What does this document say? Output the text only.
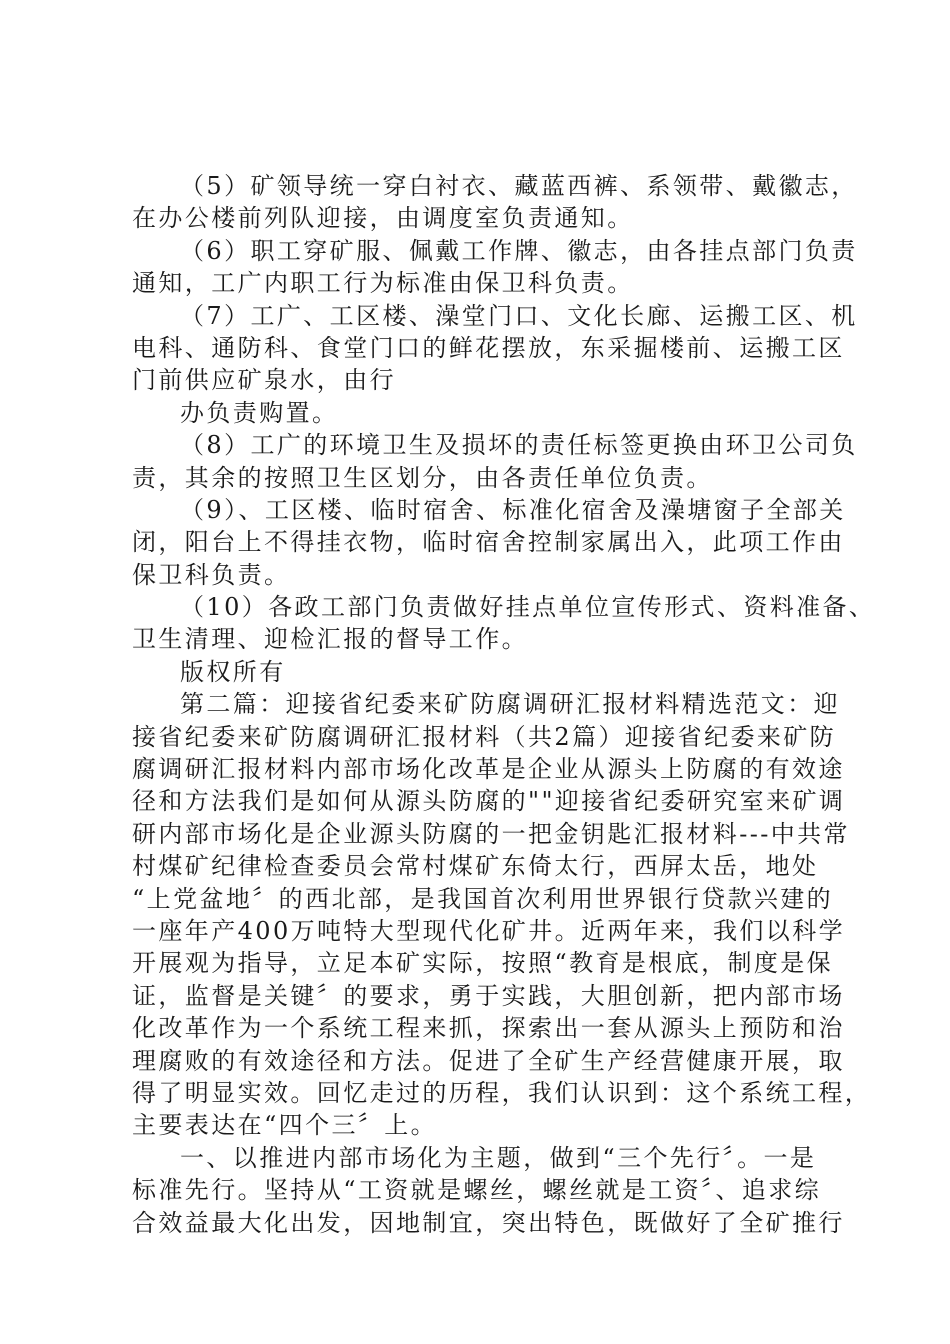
（5）矿领导统一穿白衬衣、藏蓝西裤、系领带、戴徽志，
在办公楼前列队迎接，由调度室负责通知。
（6）职工穿矿服、佩戴工作牌、徽志，由各挂点部门负责
通知，工广内职工行为标准由保卫科负责。
（7）工广、工区楼、澡堂门口、文化长廊、运搬工区、机
电科、通防科、食堂门口的鲜花摆放，东采掘楼前、运搬工区
门前供应矿泉水，由行
办负责购置。
（8）工广的环境卫生及损坏的责任标签更换由环卫公司负
责，其余的按照卫生区划分，由各责任单位负责。
（9）、工区楼、临时宿舍、标准化宿舍及澡塘窗子全部关
闭，阳台上不得挂衣物，临时宿舍控制家属出入，此项工作由
保卫科负责。
（10）各政工部门负责做好挂点单位宣传形式、资料准备、
卫生清理、迎检汇报的督导工作。
版权所有
第二篇：迎接省纪委来矿防腐调研汇报材料精选范文：迎
接省纪委来矿防腐调研汇报材料（共2篇）迎接省纪委来矿防
腐调研汇报材料内部市场化改革是企业从源头上防腐的有效途
径和方法我们是如何从源头防腐的""迎接省纪委研究室来矿调
研内部市场化是企业源头防腐的一把金钥匙汇报材料---中共常
村煤矿纪律检查委员会常村煤矿东倚太行，西屏太岳，地处
“上党盆地〞的西北部，是我国首次利用世界银行贷款兴建的
一座年产400万吨特大型现代化矿井。近两年来，我们以科学
开展观为指导，立足本矿实际，按照“教育是根底，制度是保
证，监督是关键〞的要求，勇于实践，大胆创新，把内部市场
化改革作为一个系统工程来抓，探索出一套从源头上预防和治
理腐败的有效途径和方法。促进了全矿生产经营健康开展，取
得了明显实效。回忆走过的历程，我们认识到：这个系统工程，
主要表达在“四个三〞上。
一、以推进内部市场化为主题，做到“三个先行〞。一是
标准先行。坚持从“工资就是螺丝，螺丝就是工资〞、追求综
合效益最大化出发，因地制宜，突出特色，既做好了全矿推行
